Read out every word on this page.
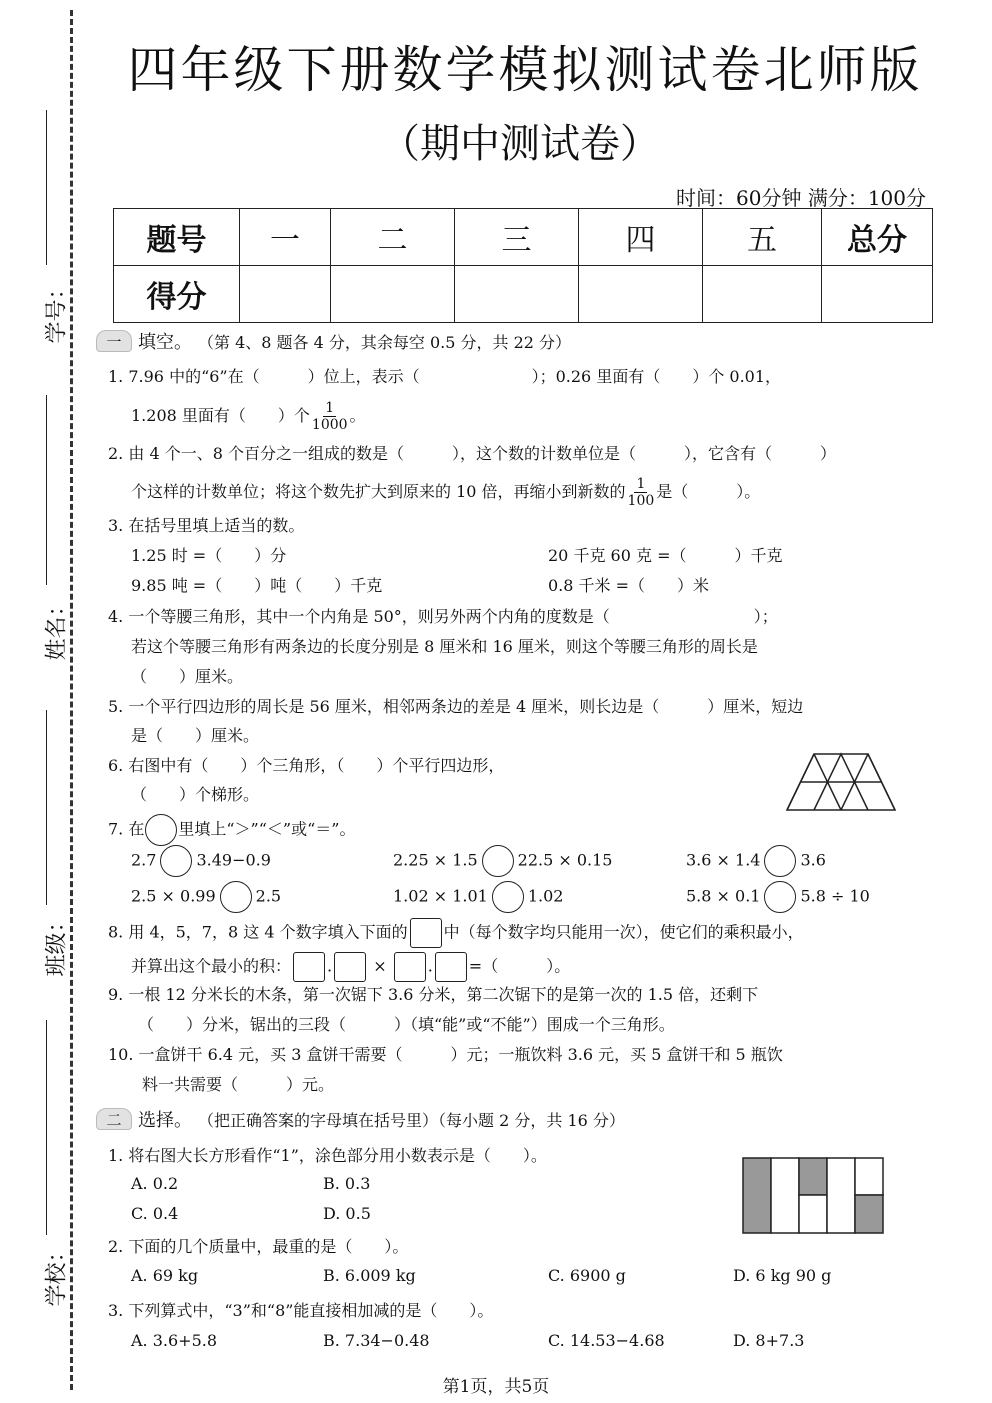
学号：
姓名：
班级：
学校：
四年级下册数学模拟测试卷北师版
（期中测试卷）
时间：60分钟 满分：100分
题号	一	二	三	四	五	总分
得分						
一 填空。 （第 4、8 题各 4 分，其余每空 0.5 分，共 22 分）
1. 7.96 中的“6”在（　　　）位上，表示（　　　　　　　）；0.26 里面有（　　）个 0.01，
1.208 里面有（　　）个 $\frac{1}{1000}$ 。
2. 由 4 个一、8 个百分之一组成的数是（　　　），这个数的计数单位是（　　　），它含有（　　　）
个这样的计数单位；将这个数先扩大到原来的 10 倍，再缩小到新数的 $\frac{1}{100}$ 是（　　　）。
3. 在括号里填上适当的数。
1.25 时 =（　　）分	20 千克 60 克 =（　　　）千克
9.85 吨 =（　　）吨（　　）千克	0.8 千米 =（　　）米
4. 一个等腰三角形，其中一个内角是 50°，则另外两个内角的度数是（　　　　　　　　　）；
若这个等腰三角形有两条边的长度分别是 8 厘米和 16 厘米，则这个等腰三角形的周长是
（　　）厘米。
5. 一个平行四边形的周长是 56 厘米，相邻两条边的差是 4 厘米，则长边是（　　　）厘米，短边
是（　　）厘米。
6. 右图中有（　　）个三角形，（　　）个平行四边形，
（　　）个梯形。
7. 在 里填上“＞”“＜”或“＝”。
2.7	3.49−0.9	2.25 × 1.5	22.5 × 0.15	3.6 × 1.4	3.6
2.5 × 0.99	2.5	1.02 × 1.01	1.02	5.8 × 0.1	5.8 ÷ 10
8. 用 4，5，7，8 这 4 个数字填入下面的 中（每个数字均只能用一次），使它们的乘积最小，
并算出这个最小的积： .	×	. =（　　　）。
9. 一根 12 分米长的木条，第一次锯下 3.6 分米，第二次锯下的是第一次的 1.5 倍，还剩下
（　　）分米，锯出的三段（　　　）（填“能”或“不能”）围成一个三角形。
10. 一盒饼干 6.4 元，买 3 盒饼干需要（　　　）元；一瓶饮料 3.6 元，买 5 盒饼干和 5 瓶饮
料一共需要（　　　）元。
二 选择。 （把正确答案的字母填在括号里）（每小题 2 分，共 16 分）
1. 将右图大长方形看作“1”，涂色部分用小数表示是（　　）。
A. 0.2	B. 0.3
C. 0.4	D. 0.5
2. 下面的几个质量中，最重的是（　　）。
A. 69 kg	B. 6.009 kg	C. 6900 g	D. 6 kg 90 g
3. 下列算式中，“3”和“8”能直接相加减的是（　　）。
A. 3.6+5.8	B. 7.34−0.48	C. 14.53−4.68	D. 8+7.3
第1页，共5页
